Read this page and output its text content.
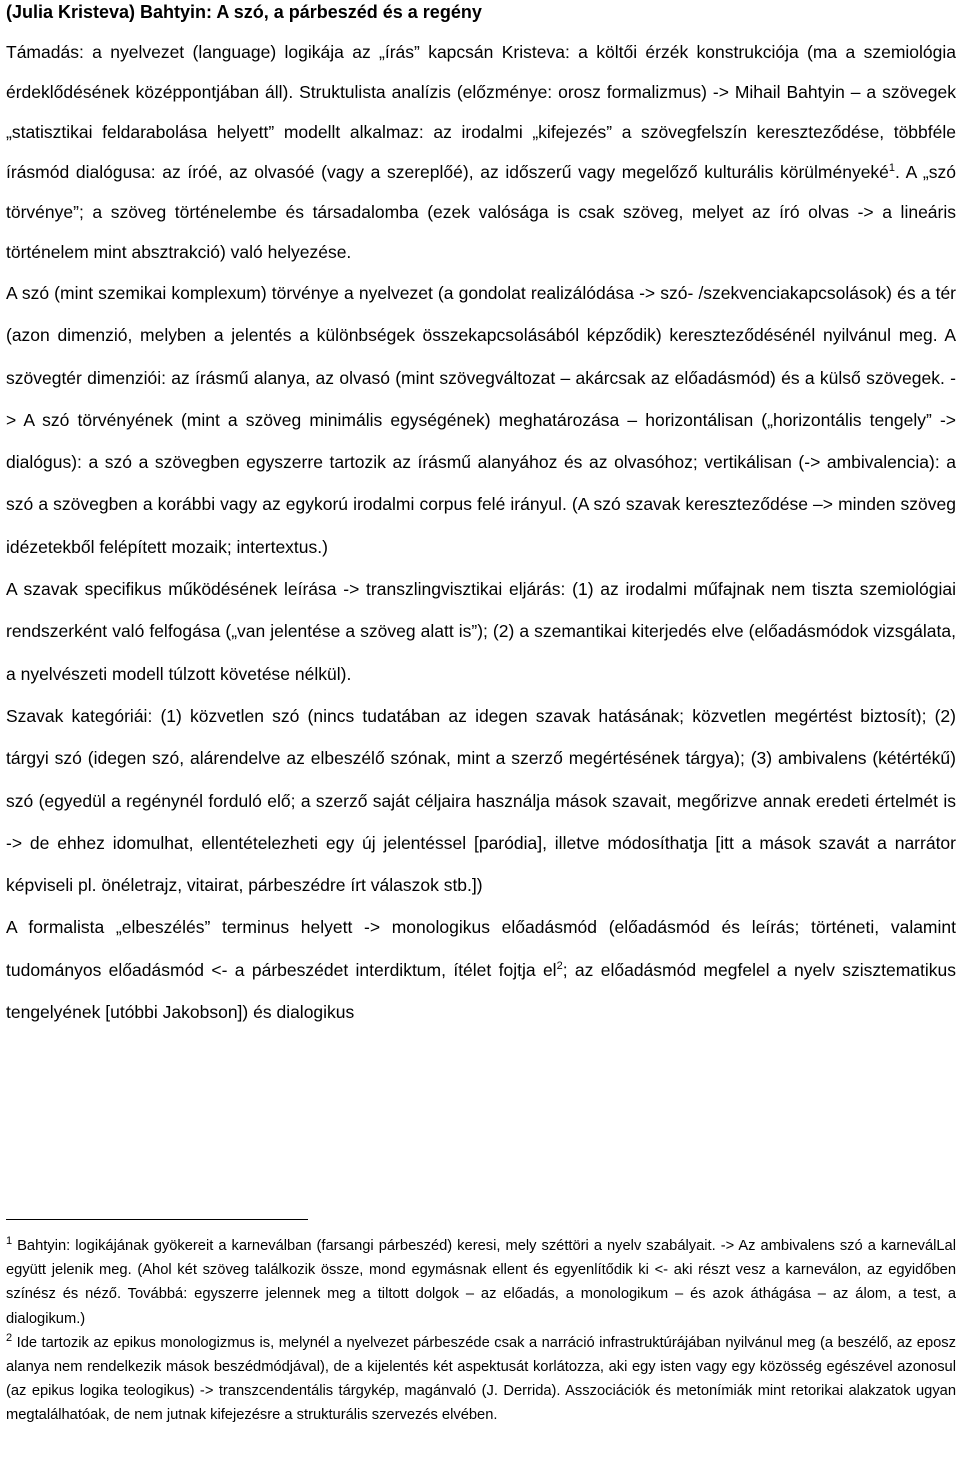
(Julia Kristeva) Bahtyin: A szó, a párbeszéd és a regény

Támadás: a nyelvezet (language) logikája az „írás” kapcsán Kristeva: a költői érzék konstrukciója (ma a szemiológia érdeklődésének középpontjában áll). Struktulista analízis (előzménye: orosz formalizmus) -> Mihail Bahtyin – a szövegek „statisztikai feldarabolása helyett” modellt alkalmaz: az irodalmi „kifejezés” a szövegfelszín kereszteződése, többféle írásmód dialógusa: az íróé, az olvasóé (vagy a szereplőé), az időszerű vagy megelőző kulturális körülményeké$^1$. A „szó törvénye”; a szöveg történelembe és társadalomba (ezek valósága is csak szöveg, melyet az író olvas -> a lineáris történelem mint absztrakció) való helyezése.

A szó (mint szemikai komplexum) törvénye a nyelvezet (a gondolat realizálódása -> szó- /szekvenciakapcsolások) és a tér (azon dimenzió, melyben a jelentés a különbségek összekapcsolásából képződik) kereszteződésénél nyilvánul meg. A szövegtér dimenziói: az írásmű alanya, az olvasó (mint szövegváltozat – akárcsak az előadásmód) és a külső szövegek. -> A szó törvényének (mint a szöveg minimális egységének) meghatározása – horizontálisan („horizontális tengely” -> dialógus): a szó a szövegben egyszerre tartozik az írásmű alanyához és az olvasóhoz; vertikálisan (-> ambivalencia): a szó a szövegben a korábbi vagy az egykorú irodalmi corpus felé irányul. (A szó szavak kereszteződése –> minden szöveg idézetekből felépített mozaik; intertextus.)

A szavak specifikus működésének leírása -> transzlingvisztikai eljárás: (1) az irodalmi műfajnak nem tiszta szemiológiai rendszerként való felfogása („van jelentése a szöveg alatt is”); (2) a szemantikai kiterjedés elve (előadásmódok vizsgálata, a nyelvészeti modell túlzott követése nélkül).

Szavak kategóriái: (1) közvetlen szó (nincs tudatában az idegen szavak hatásának; közvetlen megértést biztosít); (2) tárgyi szó (idegen szó, alárendelve az elbeszélő szónak, mint a szerző megértésének tárgya); (3) ambivalens (kétértékű) szó (egyedül a regénynél forduló elő; a szerző saját céljaira használja mások szavait, megőrizve annak eredeti értelmét is -> de ehhez idomulhat, ellentételezheti egy új jelentéssel [paródia], illetve módosíthatja [itt a mások szavát a narrátor képviseli pl. önéletrajz, vitairat, párbeszédre írt válaszok stb.])

A formalista „elbeszélés” terminus helyett -> monologikus előadásmód (előadásmód és leírás; történeti, valamint tudományos előadásmód <- a párbeszédet interdiktum, ítélet fojtja $el^2$; az előadásmód megfelel a nyelv szisztematikus tengelyének [utóbbi Jakobson]) és dialogikus

$^1$ Bahtyin: logikájának gyökereit a karneválban (farsangi párbeszéd) keresi, mely széttöri a nyelv szabályait. -> Az ambivalens szó a karneválLal együtt jelenik meg. (Ahol két szöveg találkozik össze, mond egymásnak ellent és egyenlítődik ki <- aki részt vesz a karneválon, az egyidőben színész és néző. Továbbá: egyszerre jelennek meg a tiltott dolgok – az előadás, a monologikum – és azok áthágása – az álom, a test, a dialogikum.)

$^2$ Ide tartozik az epikus monologizmus is, melynél a nyelvezet párbeszéde csak a narráció infrastruktúrájában nyilvánul meg (a beszélő, az eposz alanya nem rendelkezik mások beszédmódjával), de a kijelentés két aspektusát korlátozza, aki egy isten vagy egy közösség egészével azonosul (az epikus logika teologikus) -> transzcendentális tárgykép, magánvaló (J. Derrida). Asszociációk és metonímiák mint retorikai alakzatok ugyan megtalálhatóak, de nem jutnak kifejezésre a strukturális szervezés elvében.
